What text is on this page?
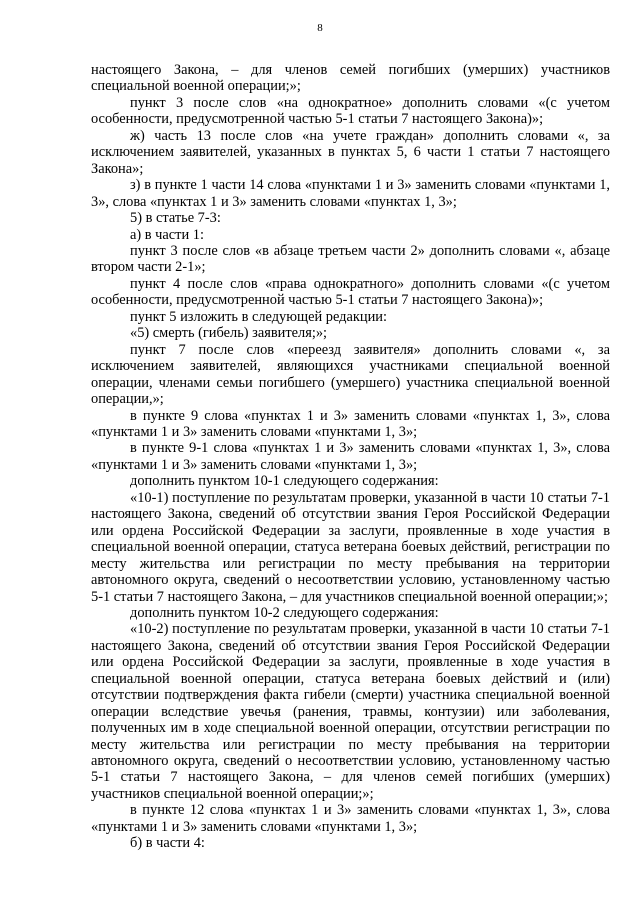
8

настоящего Закона, – для членов семей погибших (умерших) участников специальной военной операции;»;

пункт 3 после слов «на однократное» дополнить словами «(с учетом особенности, предусмотренной частью 5-1 статьи 7 настоящего Закона)»;

ж) часть 13 после слов «на учете граждан» дополнить словами «, за исключением заявителей, указанных в пунктах 5, 6 части 1 статьи 7 настоящего Закона»;

з) в пункте 1 части 14 слова «пунктами 1 и 3» заменить словами «пунктами 1, 3», слова «пунктах 1 и 3» заменить словами «пунктах 1, 3»;

5) в статье 7-3:

а) в части 1:

пункт 3 после слов «в абзаце третьем части 2» дополнить словами «, абзаце втором части 2-1»;

пункт 4 после слов «права однократного» дополнить словами «(с учетом особенности, предусмотренной частью 5-1 статьи 7 настоящего Закона)»;

пункт 5 изложить в следующей редакции:

«5) смерть (гибель) заявителя;»;

пункт 7 после слов «переезд заявителя» дополнить словами «, за исключением заявителей, являющихся участниками специальной военной операции, членами семьи погибшего (умершего) участника специальной военной операции,»;

в пункте 9 слова «пунктах 1 и 3» заменить словами «пунктах 1, 3», слова «пунктами 1 и 3» заменить словами «пунктами 1, 3»;

в пункте 9-1 слова «пунктах 1 и 3» заменить словами «пунктах 1, 3», слова «пунктами 1 и 3» заменить словами «пунктами 1, 3»;

дополнить пунктом 10-1 следующего содержания:

«10-1) поступление по результатам проверки, указанной в части 10 статьи 7-1 настоящего Закона, сведений об отсутствии звания Героя Российской Федерации или ордена Российской Федерации за заслуги, проявленные в ходе участия в специальной военной операции, статуса ветерана боевых действий, регистрации по месту жительства или регистрации по месту пребывания на территории автономного округа, сведений о несоответствии условию, установленному частью 5-1 статьи 7 настоящего Закона, – для участников специальной военной операции;»;

дополнить пунктом 10-2 следующего содержания:

«10-2) поступление по результатам проверки, указанной в части 10 статьи 7-1 настоящего Закона, сведений об отсутствии звания Героя Российской Федерации или ордена Российской Федерации за заслуги, проявленные в ходе участия в специальной военной операции, статуса ветерана боевых действий и (или) отсутствии подтверждения факта гибели (смерти) участника специальной военной операции вследствие увечья (ранения, травмы, контузии) или заболевания, полученных им в ходе специальной военной операции, отсутствии регистрации по месту жительства или регистрации по месту пребывания на территории автономного округа, сведений о несоответствии условию, установленному частью 5-1 статьи 7 настоящего Закона, – для членов семей погибших (умерших) участников специальной военной операции;»;

в пункте 12 слова «пунктах 1 и 3» заменить словами «пунктах 1, 3», слова «пунктами 1 и 3» заменить словами «пунктами 1, 3»;

б) в части 4:
